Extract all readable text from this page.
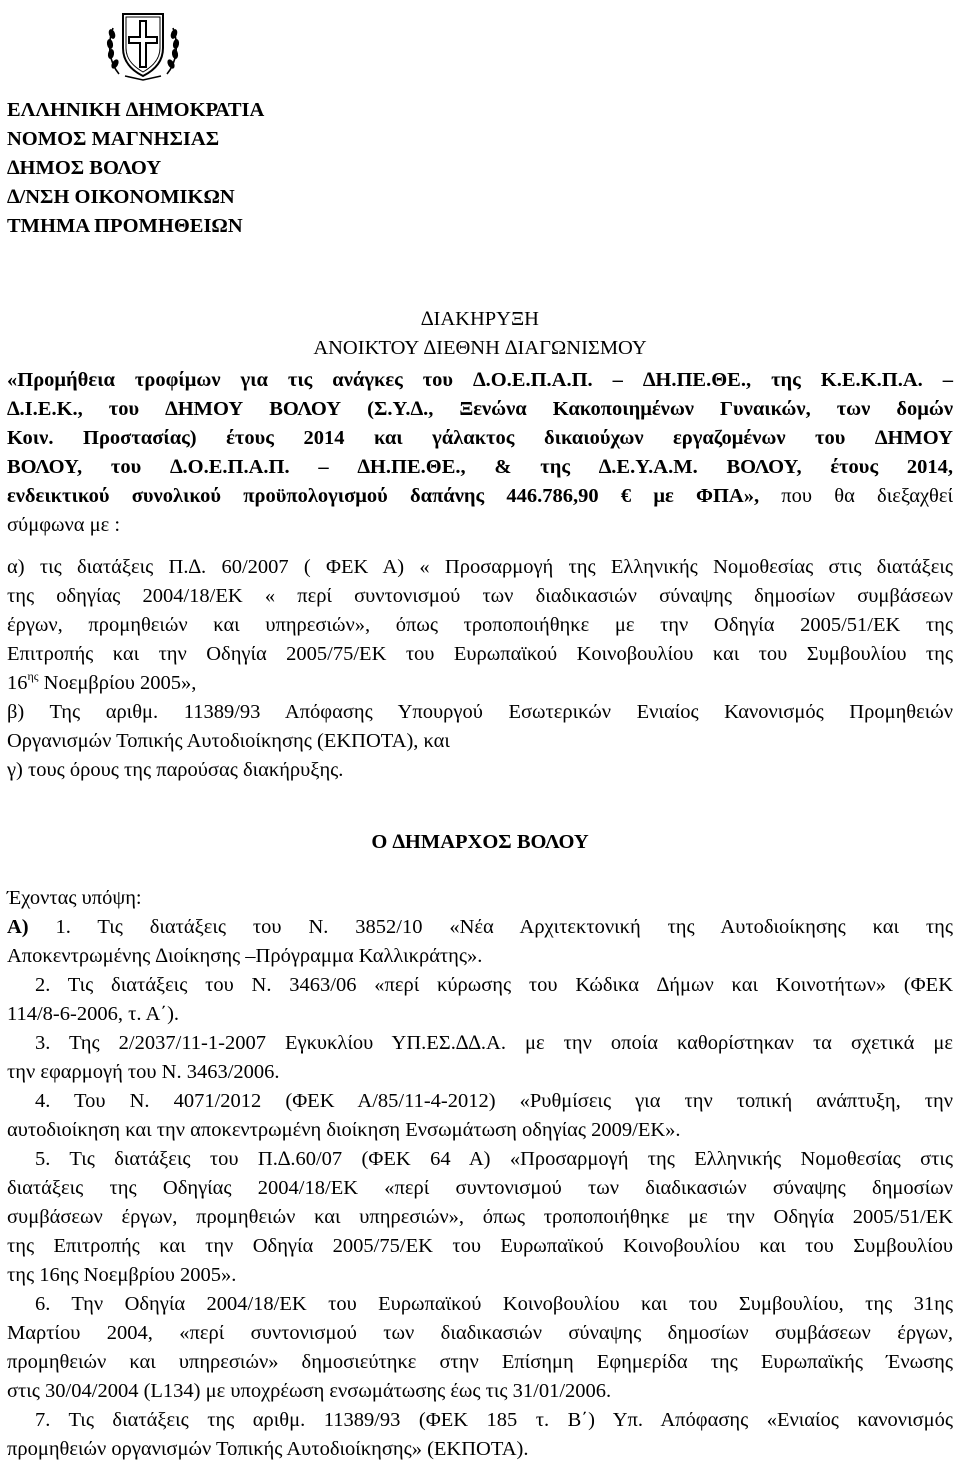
ΕΛΛΗΝΙΚΗ ∆ΗΜΟΚΡΑΤΙΑ
ΝΟΜΟΣ ΜΑΓΝΗΣΙΑΣ
∆ΗΜΟΣ ΒΟΛΟΥ
∆/ΝΣΗ ΟΙΚΟΝΟΜΙΚΩΝ
ΤΜΗΜΑ ΠΡΟΜΗΘΕΙΩΝ
∆ΙΑΚΗΡΥΞΗ
ΑΝΟΙΚΤΟΥ ∆ΙΕΘΝΗ ∆ΙΑΓΩΝΙΣΜΟΥ
«Προμήθεια τροφίμων για τις ανάγκες του ∆.Ο.Ε.Π.Α.Π. – ∆Η.ΠΕ.ΘΕ., της Κ.Ε.Κ.Π.Α. –
∆.Ι.Ε.Κ., του ∆ΗΜΟΥ ΒΟΛΟΥ (Σ.Υ.∆., Ξενώνα Κακοποιημένων Γυναικών, των δομών
Κοιν. Προστασίας) έτους 2014 και γάλακτος δικαιούχων εργαζομένων του ∆ΗΜΟΥ
ΒΟΛΟΥ, του ∆.Ο.Ε.Π.Α.Π. – ∆Η.ΠΕ.ΘΕ., & της ∆.Ε.Υ.Α.Μ. ΒΟΛΟΥ, έτους 2014,
ενδεικτικού συνολικού προϋπολογισμού δαπάνης 446.786,90 € με ΦΠΑ», που θα διεξαχθεί
σύμφωνα με :
α) τις διατάξεις Π.∆. 60/2007 ( ΦΕΚ Α) « Προσαρμογή της Ελληνικής Νομοθεσίας στις διατάξεις
της οδηγίας 2004/18/ΕΚ « περί συντονισμού των διαδικασιών σύναψης δημοσίων συμβάσεων
έργων, προμηθειών και υπηρεσιών», όπως τροποποιήθηκε με την Οδηγία 2005/51/ΕΚ της
Επιτροπής και την Οδηγία 2005/75/ΕΚ του Ευρωπαϊκού Κοινοβουλίου και του Συμβουλίου της
$16^{\eta\varsigma}$ Νοεμβρίου 2005»,
β) Της αριθμ. 11389/93 Απόφασης Υπουργού Εσωτερικών Ενιαίος Κανονισμός Προμηθειών
Οργανισμών Τοπικής Αυτοδιοίκησης (ΕΚΠΟΤΑ), και
γ) τους όρους της παρούσας διακήρυξης.
Ο ∆ΗΜΑΡΧΟΣ ΒΟΛΟΥ
Έχοντας υπόψη:
Α) 1. Τις διατάξεις του Ν. 3852/10 «Νέα Αρχιτεκτονική της Αυτοδιοίκησης και της
Αποκεντρωμένης ∆ιοίκησης –Πρόγραμμα Καλλικράτης».
2. Τις διατάξεις του Ν. 3463/06 «περί κύρωσης του Κώδικα ∆ήμων και Κοινοτήτων» (ΦΕΚ
114/8-6-2006, τ. Α΄).
3. Της 2/2037/11-1-2007 Εγκυκλίου ΥΠ.ΕΣ.∆∆.Α. με την οποία καθορίστηκαν τα σχετικά με
την εφαρμογή του Ν. 3463/2006.
4. Του Ν. 4071/2012 (ΦΕΚ Α/85/11-4-2012) «Ρυθμίσεις για την τοπική ανάπτυξη, την
αυτοδιοίκηση και την αποκεντρωμένη διοίκηση Ενσωμάτωση οδηγίας 2009/ΕΚ».
5. Τις διατάξεις του Π.∆.60/07 (ΦΕΚ 64 Α) «Προσαρμογή της Ελληνικής Νομοθεσίας στις
διατάξεις της Οδηγίας 2004/18/ΕΚ «περί συντονισμού των διαδικασιών σύναψης δημοσίων
συμβάσεων έργων, προμηθειών και υπηρεσιών», όπως τροποποιήθηκε με την Οδηγία 2005/51/ΕΚ
της Επιτροπής και την Οδηγία 2005/75/ΕΚ του Ευρωπαϊκού Κοινοβουλίου και του Συμβουλίου
της 16ης Νοεμβρίου 2005».
6. Την Οδηγία 2004/18/ΕΚ του Ευρωπαϊκού Κοινοβουλίου και του Συμβουλίου, της 31ης
Μαρτίου 2004, «περί συντονισμού των διαδικασιών σύναψης δημοσίων συμβάσεων έργων,
προμηθειών και υπηρεσιών» δημοσιεύτηκε στην Επίσημη Εφημερίδα της Ευρωπαϊκής Ένωσης
στις 30/04/2004 (L134) με υποχρέωση ενσωμάτωσης έως τις 31/01/2006.
7. Τις διατάξεις της αριθμ. 11389/93 (ΦΕΚ 185 τ. Β΄) Υπ. Απόφασης «Ενιαίος κανονισμός
προμηθειών οργανισμών Τοπικής Αυτοδιοίκησης» (ΕΚΠΟΤΑ).
